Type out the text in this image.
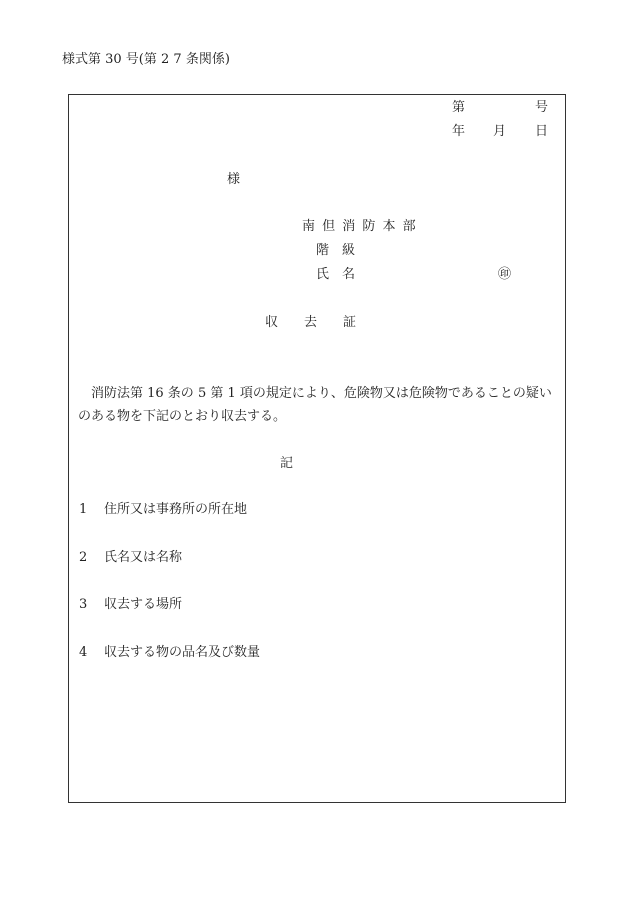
様式第 30 号(第 2 7 条関係)
第	号
年 月 日
様
南 但 消 防 本 部
階　級
氏　名	㊞
収　　去　　証
　消防法第 16 条の 5 第 1 項の規定により、危険物又は危険物であることの疑い
のある物を下記のとおり収去する。
記
1 住所又は事務所の所在地
2 氏名又は名称
3 収去する場所
4 収去する物の品名及び数量
